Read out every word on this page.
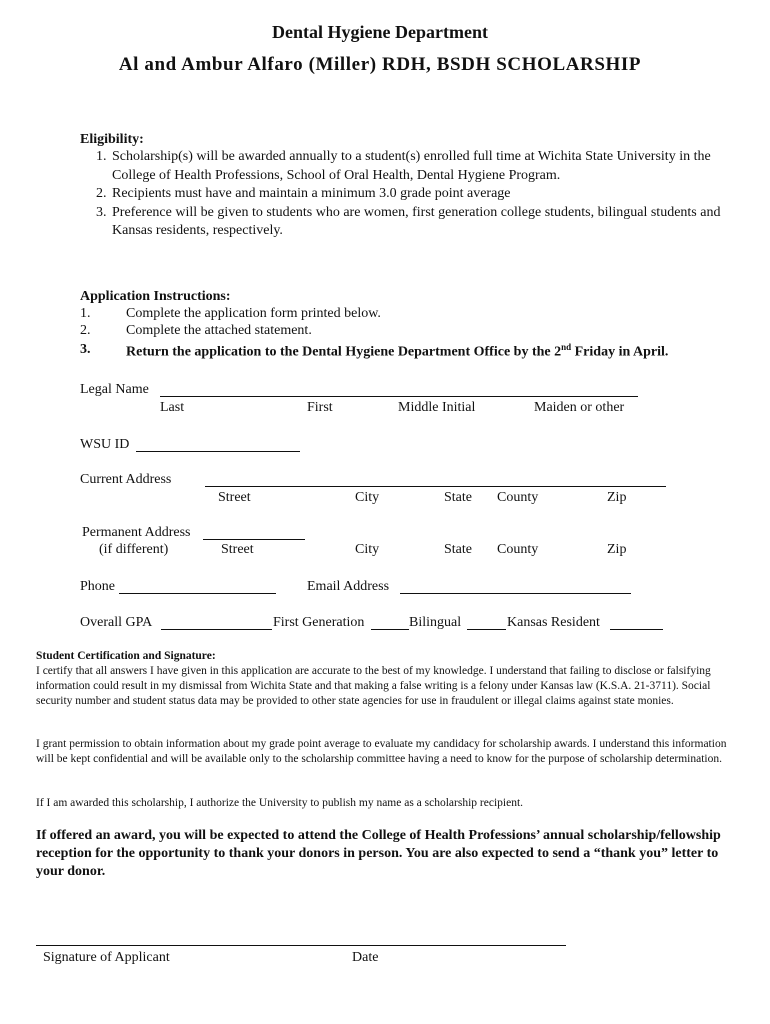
Dental Hygiene Department
Al and Ambur Alfaro (Miller) RDH, BSDH SCHOLARSHIP
Eligibility:
1. Scholarship(s) will be awarded annually to a student(s) enrolled full time at Wichita State University in the College of Health Professions, School of Oral Health, Dental Hygiene Program.
2. Recipients must have and maintain a minimum 3.0 grade point average
3. Preference will be given to students who are women, first generation college students, bilingual students and Kansas residents, respectively.
Application Instructions:
1.	Complete the application form printed below.
2.	Complete the attached statement.
3.	Return the application to the Dental Hygiene Department Office by the 2nd Friday in April.
Legal Name
Last	First	Middle Initial	Maiden or other
WSU ID
Current Address
Street	City	State County	Zip
Permanent Address
(if different)	Street	City	State County	Zip
Phone	Email Address
Overall GPA	First Generation	Bilingual	Kansas Resident
Student Certification and Signature:
I certify that all answers I have given in this application are accurate to the best of my knowledge. I understand that failing to disclose or falsifying information could result in my dismissal from Wichita State and that making a false writing is a felony under Kansas law (K.S.A. 21-3711). Social security number and student status data may be provided to other state agencies for use in fraudulent or illegal claims against state monies.
I grant permission to obtain information about my grade point average to evaluate my candidacy for scholarship awards. I understand this information will be kept confidential and will be available only to the scholarship committee having a need to know for the purpose of scholarship determination.
If I am awarded this scholarship, I authorize the University to publish my name as a scholarship recipient.
If offered an award, you will be expected to attend the College of Health Professions’ annual scholarship/fellowship reception for the opportunity to thank your donors in person. You are also expected to send a “thank you” letter to your donor.
Signature of Applicant	Date
